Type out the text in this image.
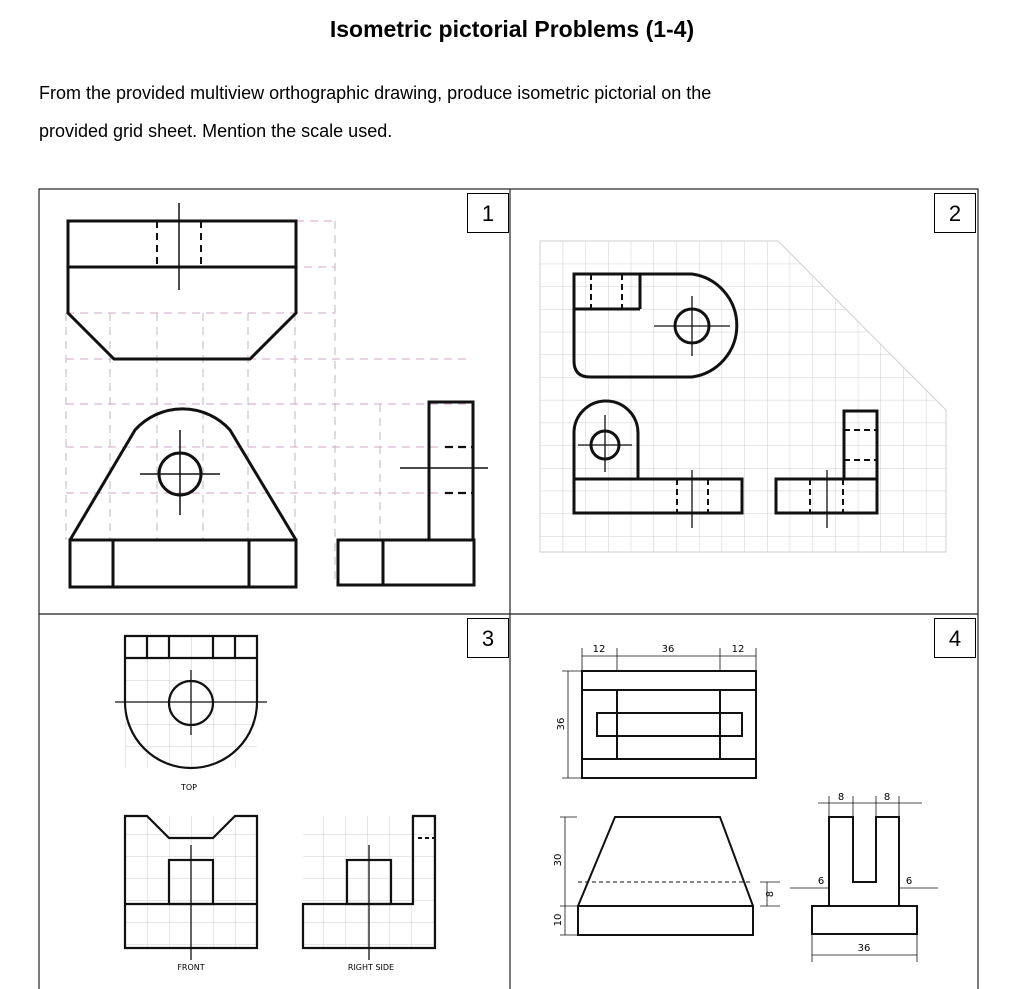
Isometric pictorial Problems (1-4)
From the provided multiview orthographic drawing, produce isometric pictorial on the
provided grid sheet. Mention the scale used.
TOP
FRONT	RIGHT SIDE
12	36	12
36
30
10
8
8	8
6	6
36
1	2
3	4
